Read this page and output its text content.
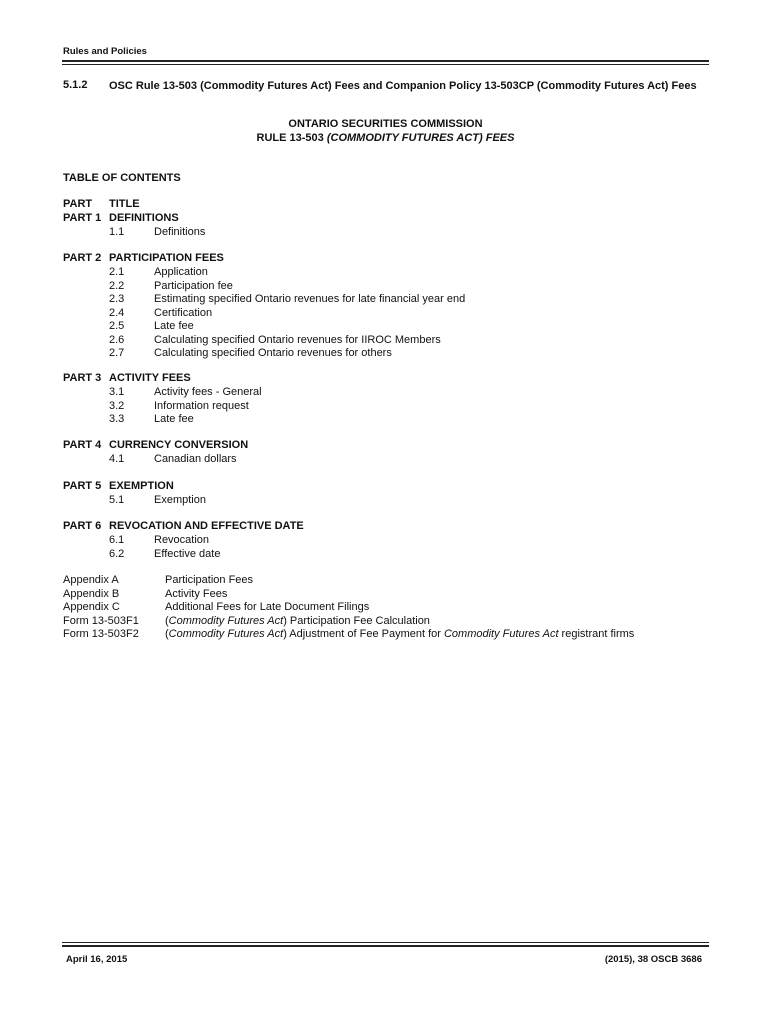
Rules and Policies
5.1.2 OSC Rule 13-503 (Commodity Futures Act) Fees and Companion Policy 13-503CP (Commodity Futures Act) Fees
ONTARIO SECURITIES COMMISSION
RULE 13-503 (COMMODITY FUTURES ACT) FEES
TABLE OF CONTENTS
PART TITLE
PART 1 DEFINITIONS
1.1	Definitions
PART 2 PARTICIPATION FEES
2.1	Application
2.2	Participation fee
2.3	Estimating specified Ontario revenues for late financial year end
2.4	Certification
2.5	Late fee
2.6	Calculating specified Ontario revenues for IIROC Members
2.7	Calculating specified Ontario revenues for others
PART 3 ACTIVITY FEES
3.1	Activity fees - General
3.2	Information request
3.3	Late fee
PART 4 CURRENCY CONVERSION
4.1	Canadian dollars
PART 5 EXEMPTION
5.1	Exemption
PART 6 REVOCATION AND EFFECTIVE DATE
6.1	Revocation
6.2	Effective date
Appendix A	Participation Fees
Appendix B	Activity Fees
Appendix C	Additional Fees for Late Document Filings
Form 13-503F1 (Commodity Futures Act) Participation Fee Calculation
Form 13-503F2 (Commodity Futures Act) Adjustment of Fee Payment for Commodity Futures Act registrant firms
April 16, 2015	(2015), 38 OSCB 3686
